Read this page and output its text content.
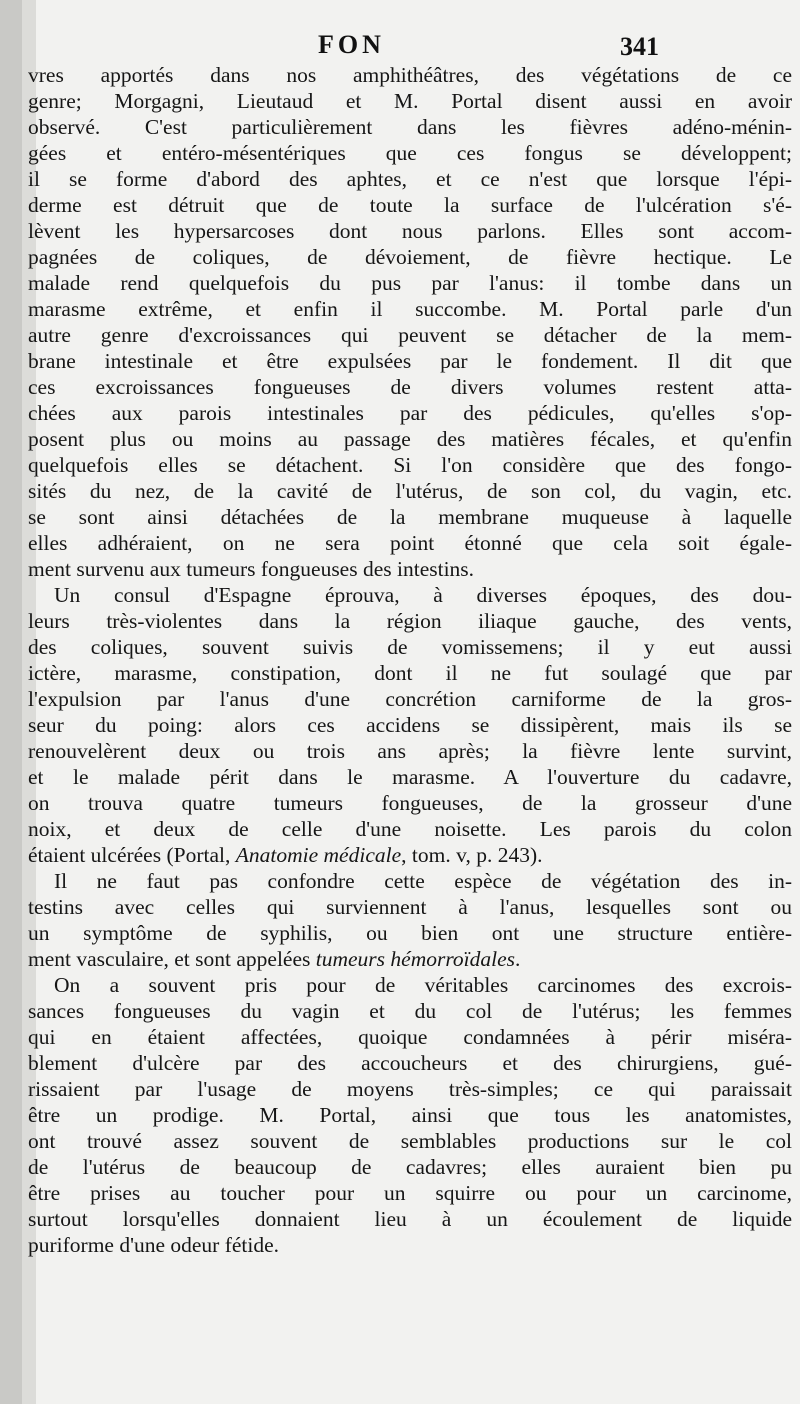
FON	341
vres apportés dans nos amphithéâtres, des végétations de ce
genre; Morgagni, Lieutaud et M. Portal disent aussi en avoir
observé. C'est particulièrement dans les fièvres adéno-ménin-
gées et entéro-mésentériques que ces fongus se développent;
il se forme d'abord des aphtes, et ce n'est que lorsque l'épi-
derme est détruit que de toute la surface de l'ulcération s'é-
lèvent les hypersarcoses dont nous parlons. Elles sont accom-
pagnées de coliques, de dévoiement, de fièvre hectique. Le
malade rend quelquefois du pus par l'anus: il tombe dans un
marasme extrême, et enfin il succombe. M. Portal parle d'un
autre genre d'excroissances qui peuvent se détacher de la mem-
brane intestinale et être expulsées par le fondement. Il dit que
ces excroissances fongueuses de divers volumes restent atta-
chées aux parois intestinales par des pédicules, qu'elles s'op-
posent plus ou moins au passage des matières fécales, et qu'enfin
quelquefois elles se détachent. Si l'on considère que des fongo-
sités du nez, de la cavité de l'utérus, de son col, du vagin, etc.
se sont ainsi détachées de la membrane muqueuse à laquelle
elles adhéraient, on ne sera point étonné que cela soit égale-
ment survenu aux tumeurs fongueuses des intestins.
Un consul d'Espagne éprouva, à diverses époques, des dou-
leurs très-violentes dans la région iliaque gauche, des vents,
des coliques, souvent suivis de vomissemens; il y eut aussi
ictère, marasme, constipation, dont il ne fut soulagé que par
l'expulsion par l'anus d'une concrétion carniforme de la gros-
seur du poing: alors ces accidens se dissipèrent, mais ils se
renouvelèrent deux ou trois ans après; la fièvre lente survint,
et le malade périt dans le marasme. A l'ouverture du cadavre,
on trouva quatre tumeurs fongueuses, de la grosseur d'une
noix, et deux de celle d'une noisette. Les parois du colon
étaient ulcérées (Portal, Anatomie médicale, tom. v, p. 243).
Il ne faut pas confondre cette espèce de végétation des in-
testins avec celles qui surviennent à l'anus, lesquelles sont ou
un symptôme de syphilis, ou bien ont une structure entière-
ment vasculaire, et sont appelées tumeurs hémorroïdales.
On a souvent pris pour de véritables carcinomes des excrois-
sances fongueuses du vagin et du col de l'utérus; les femmes
qui en étaient affectées, quoique condamnées à périr miséra-
blement d'ulcère par des accoucheurs et des chirurgiens, gué-
rissaient par l'usage de moyens très-simples; ce qui paraissait
être un prodige. M. Portal, ainsi que tous les anatomistes,
ont trouvé assez souvent de semblables productions sur le col
de l'utérus de beaucoup de cadavres; elles auraient bien pu
être prises au toucher pour un squirre ou pour un carcinome,
surtout lorsqu'elles donnaient lieu à un écoulement de liquide
puriforme d'une odeur fétide.
